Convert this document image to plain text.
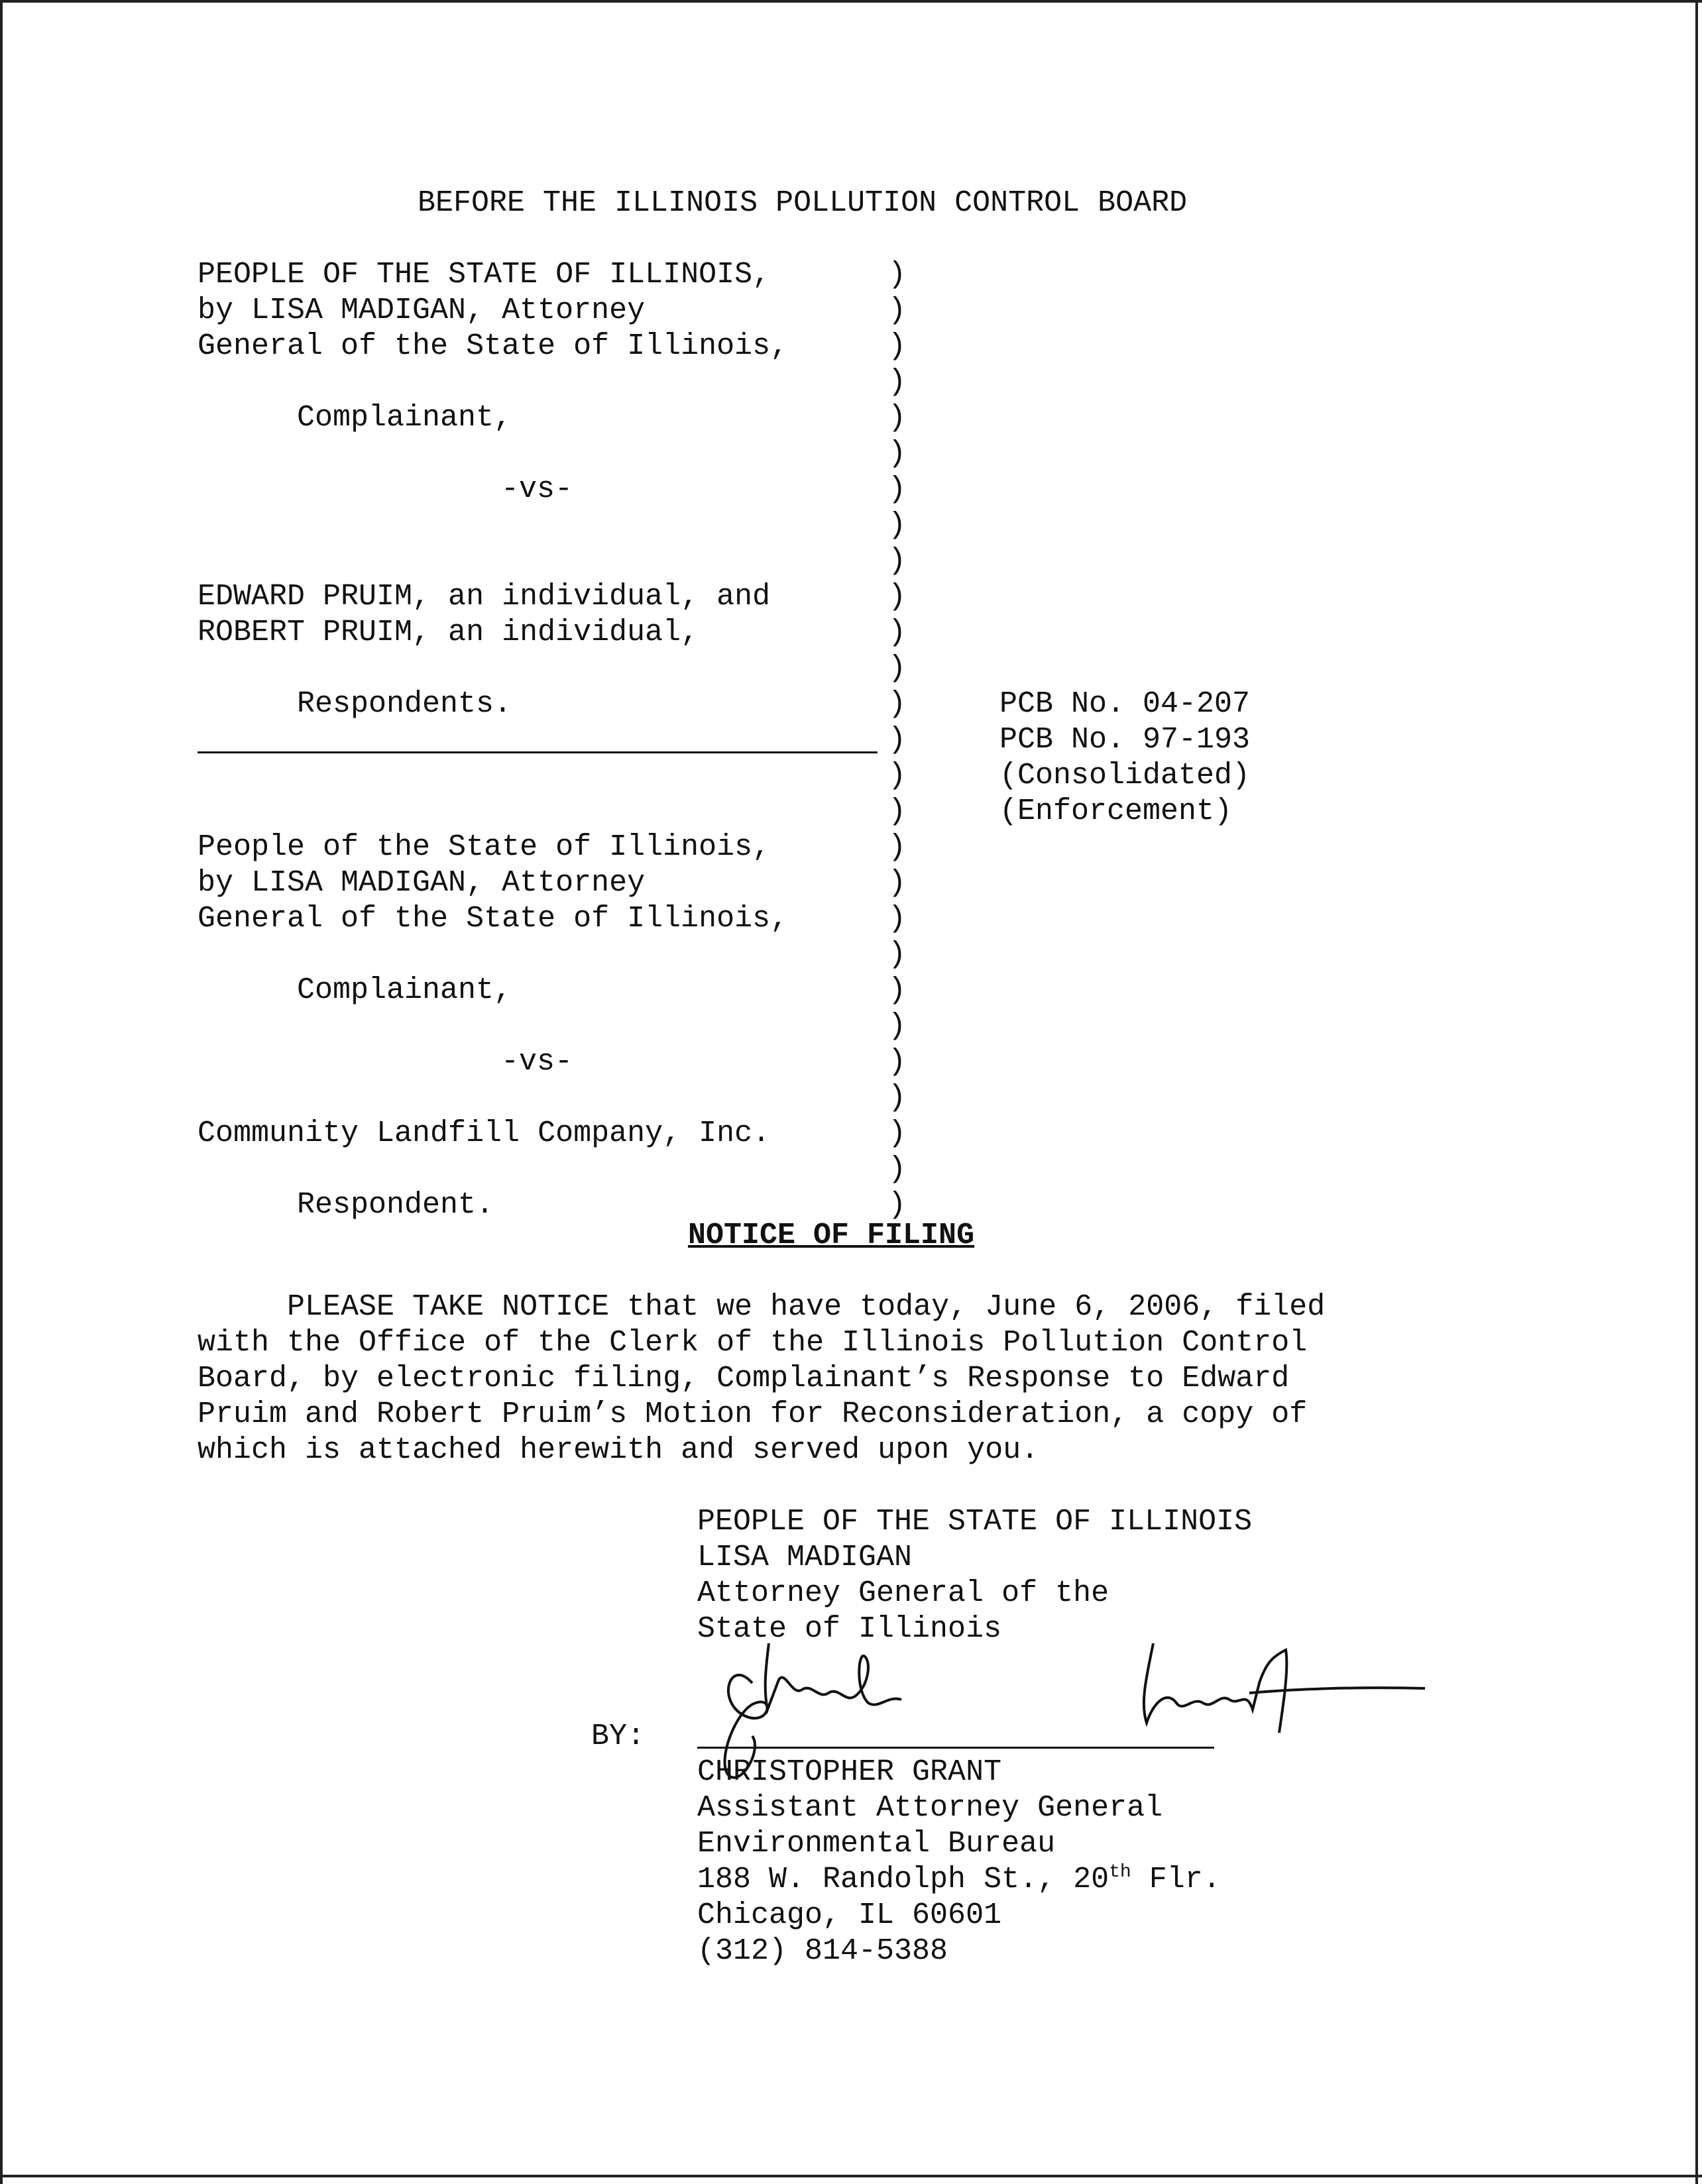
BEFORE THE ILLINOIS POLLUTION CONTROL BOARD
PEOPLE OF THE STATE OF ILLINOIS,
by LISA MADIGAN, Attorney
General of the State of Illinois,
Complainant,
-vs-
EDWARD PRUIM, an individual, and
ROBERT PRUIM, an individual,
Respondents.	PCB No. 04-207
PCB No. 97-193
(Consolidated)
(Enforcement)
People of the State of Illinois,
by LISA MADIGAN, Attorney
General of the State of Illinois,
Complainant,
-vs-
Community Landfill Company, Inc.
Respondent.
)
)
)
)
)
)
)
)
)
)
)
)
)
)
)
)
)
)
)
)
)
)
)
)
)
)
)
NOTICE OF FILING
PLEASE TAKE NOTICE that we have today, June 6, 2006, filed
with the Office of the Clerk of the Illinois Pollution Control
Board, by electronic filing, Complainant’s Response to Edward
Pruim and Robert Pruim’s Motion for Reconsideration, a copy of
which is attached herewith and served upon you.
PEOPLE OF THE STATE OF ILLINOIS
LISA MADIGAN
Attorney General of the
State of Illinois
BY:
CHRISTOPHER GRANT
Assistant Attorney General
Environmental Bureau
188 W. Randolph St., 20th Flr.
Chicago, IL 60601
(312) 814-5388
